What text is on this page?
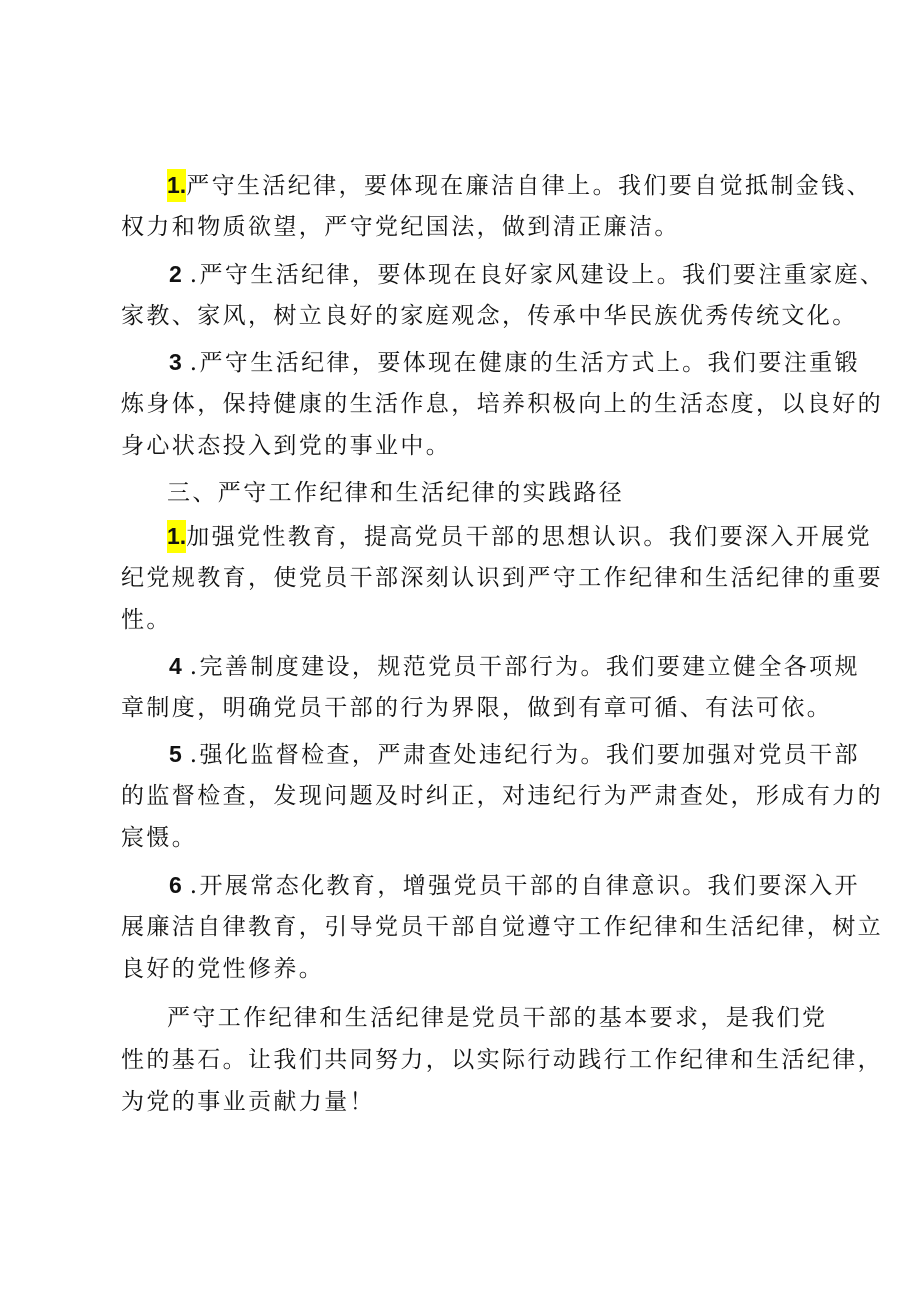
1.严守生活纪律，要体现在廉洁自律上。我们要自觉抵制金钱、
权力和物质欲望，严守党纪国法，做到清正廉洁。
2 .严守生活纪律，要体现在良好家风建设上。我们要注重家庭、
家教、家风，树立良好的家庭观念，传承中华民族优秀传统文化。
3 .严守生活纪律，要体现在健康的生活方式上。我们要注重锻
炼身体，保持健康的生活作息，培养积极向上的生活态度，以良好的
身心状态投入到党的事业中。
三、严守工作纪律和生活纪律的实践路径
1.加强党性教育，提高党员干部的思想认识。我们要深入开展党
纪党规教育，使党员干部深刻认识到严守工作纪律和生活纪律的重要
性。
4 .完善制度建设，规范党员干部行为。我们要建立健全各项规
章制度，明确党员干部的行为界限，做到有章可循、有法可依。
5 .强化监督检查，严肃查处违纪行为。我们要加强对党员干部
的监督检查，发现问题及时纠正，对违纪行为严肃查处，形成有力的
宸慑。
6 .开展常态化教育，增强党员干部的自律意识。我们要深入开
展廉洁自律教育，引导党员干部自觉遵守工作纪律和生活纪律，树立
良好的党性修养。
严守工作纪律和生活纪律是党员干部的基本要求，是我们党
性的基石。让我们共同努力，以实际行动践行工作纪律和生活纪律，
为党的事业贡献力量！
